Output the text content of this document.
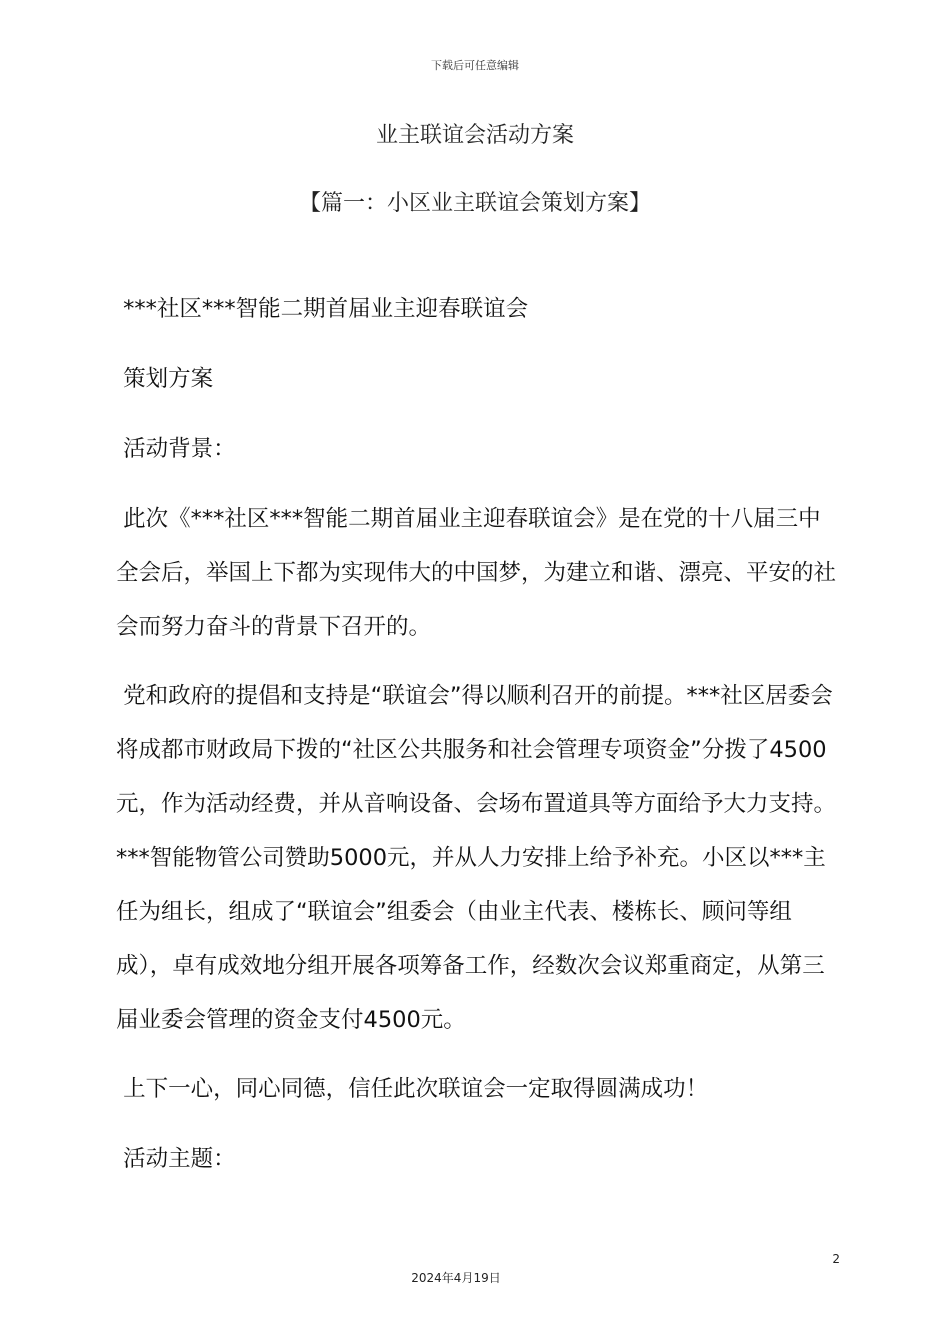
下载后可任意编辑
业主联谊会活动方案
【篇一：小区业主联谊会策划方案】
***社区***智能二期首届业主迎春联谊会
策划方案
活动背景：
此次《***社区***智能二期首届业主迎春联谊会》是在党的十八届三中全会后，举国上下都为实现伟大的中国梦，为建立和谐、漂亮、平安的社会而努力奋斗的背景下召开的。
党和政府的提倡和支持是“联谊会”得以顺利召开的前提。***社区居委会将成都市财政局下拨的“社区公共服务和社会管理专项资金”分拨了4500元，作为活动经费，并从音响设备、会场布置道具等方面给予大力支持。***智能物管公司赞助5000元，并从人力安排上给予补充。小区以***主任为组长，组成了“联谊会”组委会（由业主代表、楼栋长、顾问等组成），卓有成效地分组开展各项筹备工作，经数次会议郑重商定，从第三届业委会管理的资金支付4500元。
上下一心，同心同德，信任此次联谊会一定取得圆满成功！
活动主题：
2
2024年4月19日
